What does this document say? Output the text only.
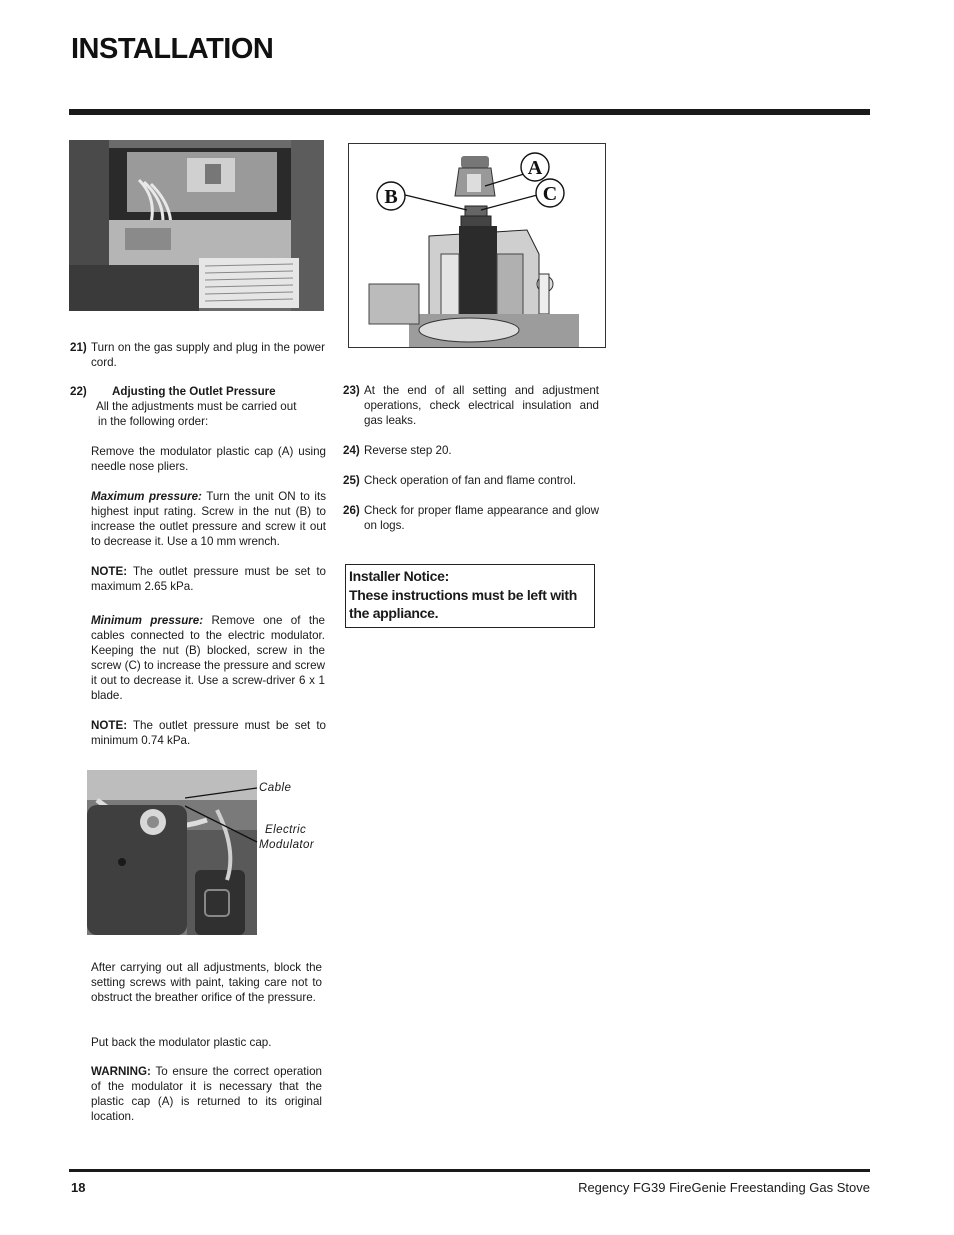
INSTALLATION
21) Turn on the gas supply and plug in the power cord.
22) Adjusting the Outlet Pressure
All the adjustments must be carried out
in the following order:
Remove the modulator plastic cap (A) using needle nose pliers.
Maximum pressure: Turn the unit ON to its highest input rating. Screw in the nut (B) to increase the outlet pressure and screw it out to decrease it. Use a 10 mm wrench.
NOTE: The outlet pressure must be set to maximum 2.65 kPa.
Minimum pressure: Remove one of the cables connected to the electric modulator. Keeping the nut (B) blocked, screw in the screw (C) to increase the pressure and screw it out to decrease it. Use a screw-driver 6 x 1 blade.
NOTE: The outlet pressure must be set to minimum 0.74 kPa.
Cable
Electric
Modulator
After carrying out all adjustments, block the setting screws with paint, taking care not to obstruct the breather orifice of the pressure.
Put back the modulator plastic cap.
WARNING: To ensure the correct operation of the modulator it is necessary that the plastic cap (A) is returned to its original location.
A
B	C
23) At the end of all setting and adjustment operations, check electrical insulation and gas leaks.
24) Reverse step 20.
25) Check operation of fan and flame control.
26) Check for proper flame appearance and glow on logs.
Installer Notice:
These instructions must be left with
the appliance.
18	Regency FG39 FireGenie Freestanding Gas Stove
